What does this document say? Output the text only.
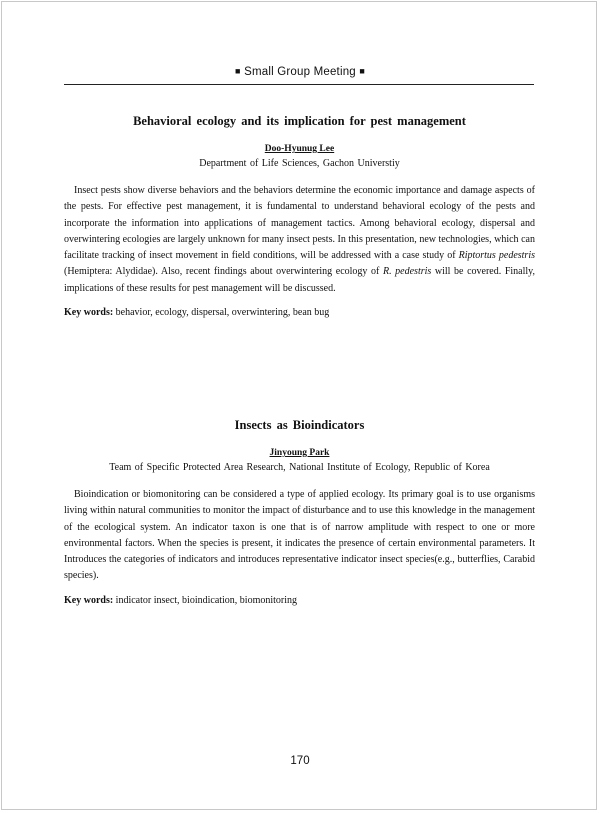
■ Small Group Meeting ■
Behavioral ecology and its implication for pest management
Doo-Hyunug Lee
Department of Life Sciences, Gachon Universtiy

Insect pests show diverse behaviors and the behaviors determine the economic importance and damage aspects of the pests. For effective pest management, it is fundamental to understand behavioral ecology of the pests and incorporate the information into applications of management tactics. Among behavioral ecology, dispersal and overwintering ecologies are largely unknown for many insect pests. In this presentation, new technologies, which can facilitate tracking of insect movement in field conditions, will be addressed with a case study of Riptortus pedestris (Hemiptera: Alydidae). Also, recent findings about overwintering ecology of R. pedestris will be covered. Finally, implications of these results for pest management will be discussed.

Key words: behavior, ecology, dispersal, overwintering, bean bug
Insects as Bioindicators
Jinyoung Park
Team of Specific Protected Area Research, National Institute of Ecology, Republic of Korea

Bioindication or biomonitoring can be considered a type of applied ecology. Its primary goal is to use organisms living within natural communities to monitor the impact of disturbance and to use this knowledge in the management of the ecological system. An indicator taxon is one that is of narrow amplitude with respect to one or more environmental factors. When the species is present, it indicates the presence of certain environmental parameters. It Introduces the categories of indicators and introduces representative indicator insect species(e.g., butterflies, Carabid species).

Key words: indicator insect, bioindication, biomonitoring
170
